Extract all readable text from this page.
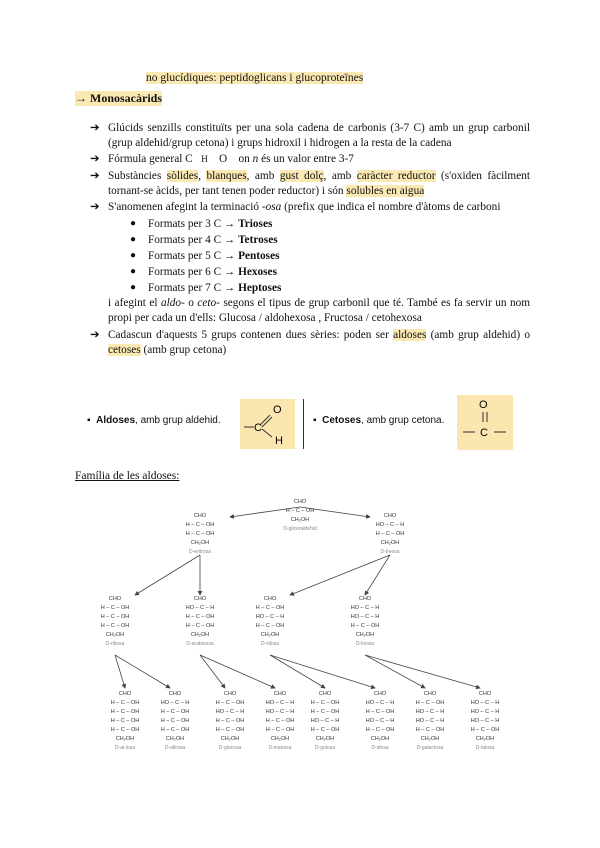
no glucídiques: peptidoglicans i glucoproteïnes
→ Monosacàrids
➔ Glúcids senzills constituïts per una sola cadena de carbonis (3-7 C) amb un grup carbonil (grup aldehid/grup cetona) i grups hidroxil i hidrogen a la resta de la cadena
➔ Fórmula general C H O on n és un valor entre 3-7
➔ Substàncies sòlides, blanques, amb gust dolç, amb caràcter reductor (s'oxiden fàcilment tornant-se àcids, per tant tenen poder reductor) i són solubles en aigua
➔ S'anomenen afegint la terminació -osa (prefix que indica el nombre d'àtoms de carboni
● Formats per 3 C → Trioses
● Formats per 4 C → Tetroses
● Formats per 5 C → Pentoses
● Formats per 6 C → Hexoses
● Formats per 7 C → Heptoses
i afegint el aldo- o ceto- segons el tipus de grup carbonil que té. També es fa servir un nom propi per cada un d'ells: Glucosa / aldohexosa , Fructosa / cetohexosa
➔ Cadascun d'aquests 5 grups contenen dues sèries: poden ser aldoses (amb grup aldehid) o cetoses (amb grup cetona)
▪  Aldoses, amb grup aldehid.
C
O
H
▪  Cetoses, amb grup cetona.
O
C
Família de les aldoses:
CHO
H – C – OH
CH₂OH
D-gliceraldehid
CHO
H – C – OH
H – C – OH
CH₂OH
D-eritrosa
CHO
HO – C – H
H – C – OH
CH₂OH
D-treosa
CHO
H – C – OH
H – C – OH
H – C – OH
CH₂OH
D-ribosa
CHO
HO – C – H
H – C – OH
H – C – OH
CH₂OH
D-arabinosa
CHO
H – C – OH
HO – C – H
H – C – OH
CH₂OH
D-xilosa
CHO
HO – C – H
HO – C – H
H – C – OH
CH₂OH
D-lixosa
CHO
H – C – OH
H – C – OH
H – C – OH
H – C – OH
CH₂OH
D-al·losa
CHO
HO – C – H
H – C – OH
H – C – OH
H – C – OH
CH₂OH
D-altrosa
CHO
H – C – OH
HO – C – H
H – C – OH
H – C – OH
CH₂OH
D-glucosa
CHO
HO – C – H
HO – C – H
H – C – OH
H – C – OH
CH₂OH
D-manosa
CHO
H – C – OH
H – C – OH
HO – C – H
H – C – OH
CH₂OH
D-gulosa
CHO
HO – C – H
H – C – OH
HO – C – H
H – C – OH
CH₂OH
D-idosa
CHO
H – C – OH
HO – C – H
HO – C – H
H – C – OH
CH₂OH
D-galactosa
CHO
HO – C – H
HO – C – H
HO – C – H
H – C – OH
CH₂OH
D-talosa
